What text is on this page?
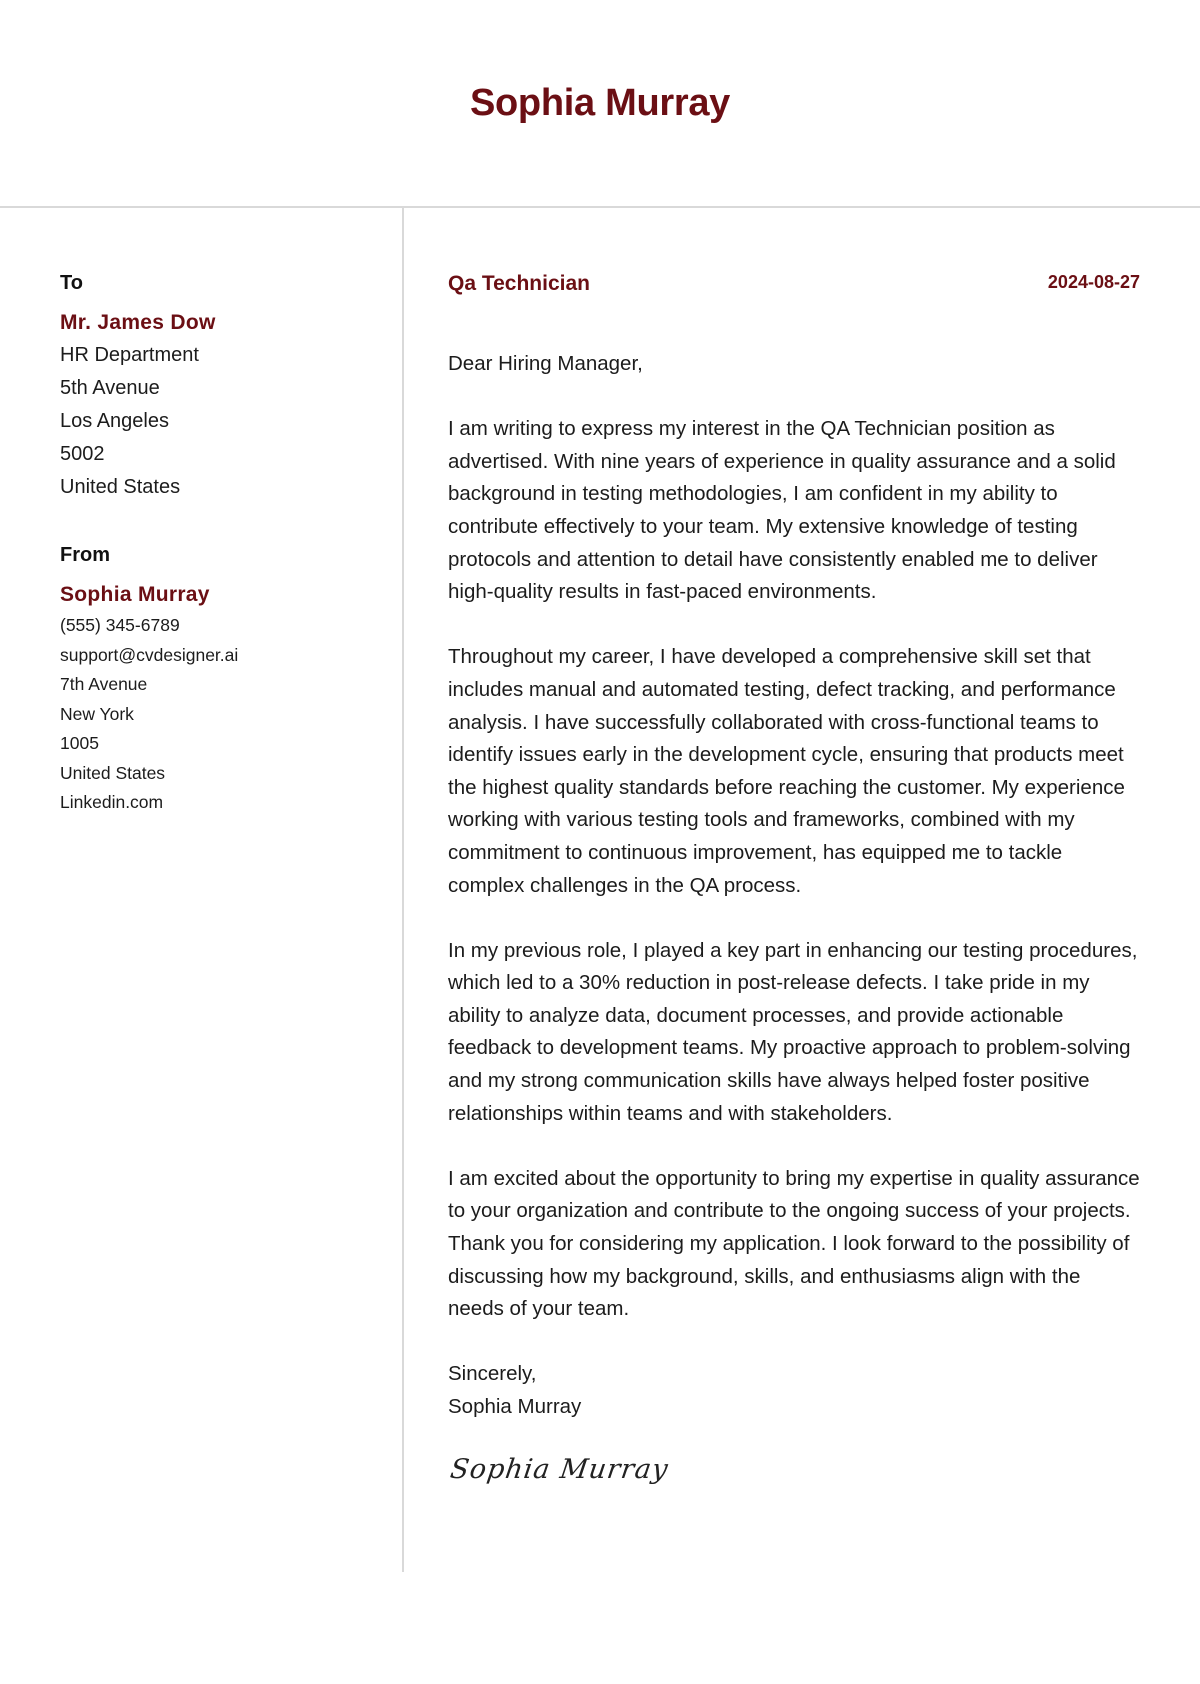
Sophia Murray
To
Mr. James Dow
HR Department
5th Avenue
Los Angeles
5002
United States
From
Sophia Murray
(555) 345-6789
support@cvdesigner.ai
7th Avenue
New York
1005
United States
Linkedin.com
Qa Technician	2024-08-27

Dear Hiring Manager,

I am writing to express my interest in the QA Technician position as advertised. With nine years of experience in quality assurance and a solid background in testing methodologies, I am confident in my ability to contribute effectively to your team. My extensive knowledge of testing protocols and attention to detail have consistently enabled me to deliver high-quality results in fast-paced environments.

Throughout my career, I have developed a comprehensive skill set that includes manual and automated testing, defect tracking, and performance analysis. I have successfully collaborated with cross-functional teams to identify issues early in the development cycle, ensuring that products meet the highest quality standards before reaching the customer. My experience working with various testing tools and frameworks, combined with my commitment to continuous improvement, has equipped me to tackle complex challenges in the QA process.

In my previous role, I played a key part in enhancing our testing procedures, which led to a 30% reduction in post-release defects. I take pride in my ability to analyze data, document processes, and provide actionable feedback to development teams. My proactive approach to problem-solving and my strong communication skills have always helped foster positive relationships within teams and with stakeholders.

I am excited about the opportunity to bring my expertise in quality assurance to your organization and contribute to the ongoing success of your projects. Thank you for considering my application. I look forward to the possibility of discussing how my background, skills, and enthusiasms align with the needs of your team.

Sincerely,
Sophia Murray
Sophia Murray
